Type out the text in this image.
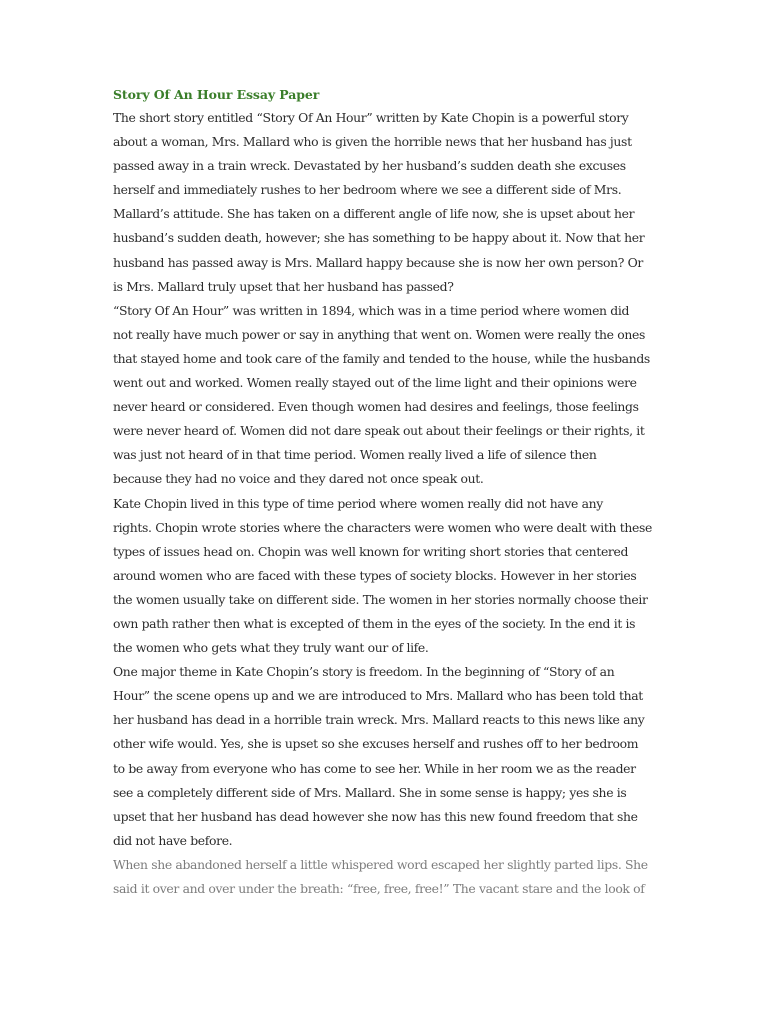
Story Of An Hour Essay Paper

The short story entitled “Story Of An Hour” written by Kate Chopin is a powerful story
about a woman, Mrs. Mallard who is given the horrible news that her husband has just
passed away in a train wreck. Devastated by her husband’s sudden death she excuses
herself and immediately rushes to her bedroom where we see a different side of Mrs.
Mallard’s attitude. She has taken on a different angle of life now, she is upset about her
husband’s sudden death, however; she has something to be happy about it. Now that her
husband has passed away is Mrs. Mallard happy because she is now her own person? Or
is Mrs. Mallard truly upset that her husband has passed?

“Story Of An Hour” was written in 1894, which was in a time period where women did
not really have much power or say in anything that went on. Women were really the ones
that stayed home and took care of the family and tended to the house, while the husbands
went out and worked. Women really stayed out of the lime light and their opinions were
never heard or considered. Even though women had desires and feelings, those feelings
were never heard of. Women did not dare speak out about their feelings or their rights, it
was just not heard of in that time period. Women really lived a life of silence then
because they had no voice and they dared not once speak out.

Kate Chopin lived in this type of time period where women really did not have any
rights. Chopin wrote stories where the characters were women who were dealt with these
types of issues head on. Chopin was well known for writing short stories that centered
around women who are faced with these types of society blocks. However in her stories
the women usually take on different side. The women in her stories normally choose their
own path rather then what is excepted of them in the eyes of the society. In the end it is
the women who gets what they truly want our of life.

One major theme in Kate Chopin’s story is freedom. In the beginning of “Story of an
Hour” the scene opens up and we are introduced to Mrs. Mallard who has been told that
her husband has dead in a horrible train wreck. Mrs. Mallard reacts to this news like any
other wife would. Yes, she is upset so she excuses herself and rushes off to her bedroom
to be away from everyone who has come to see her. While in her room we as the reader
see a completely different side of Mrs. Mallard. She in some sense is happy; yes she is
upset that her husband has dead however she now has this new found freedom that she
did not have before.

When she abandoned herself a little whispered word escaped her slightly parted lips. She
said it over and over under the breath: “free, free, free!” The vacant stare and the look of
